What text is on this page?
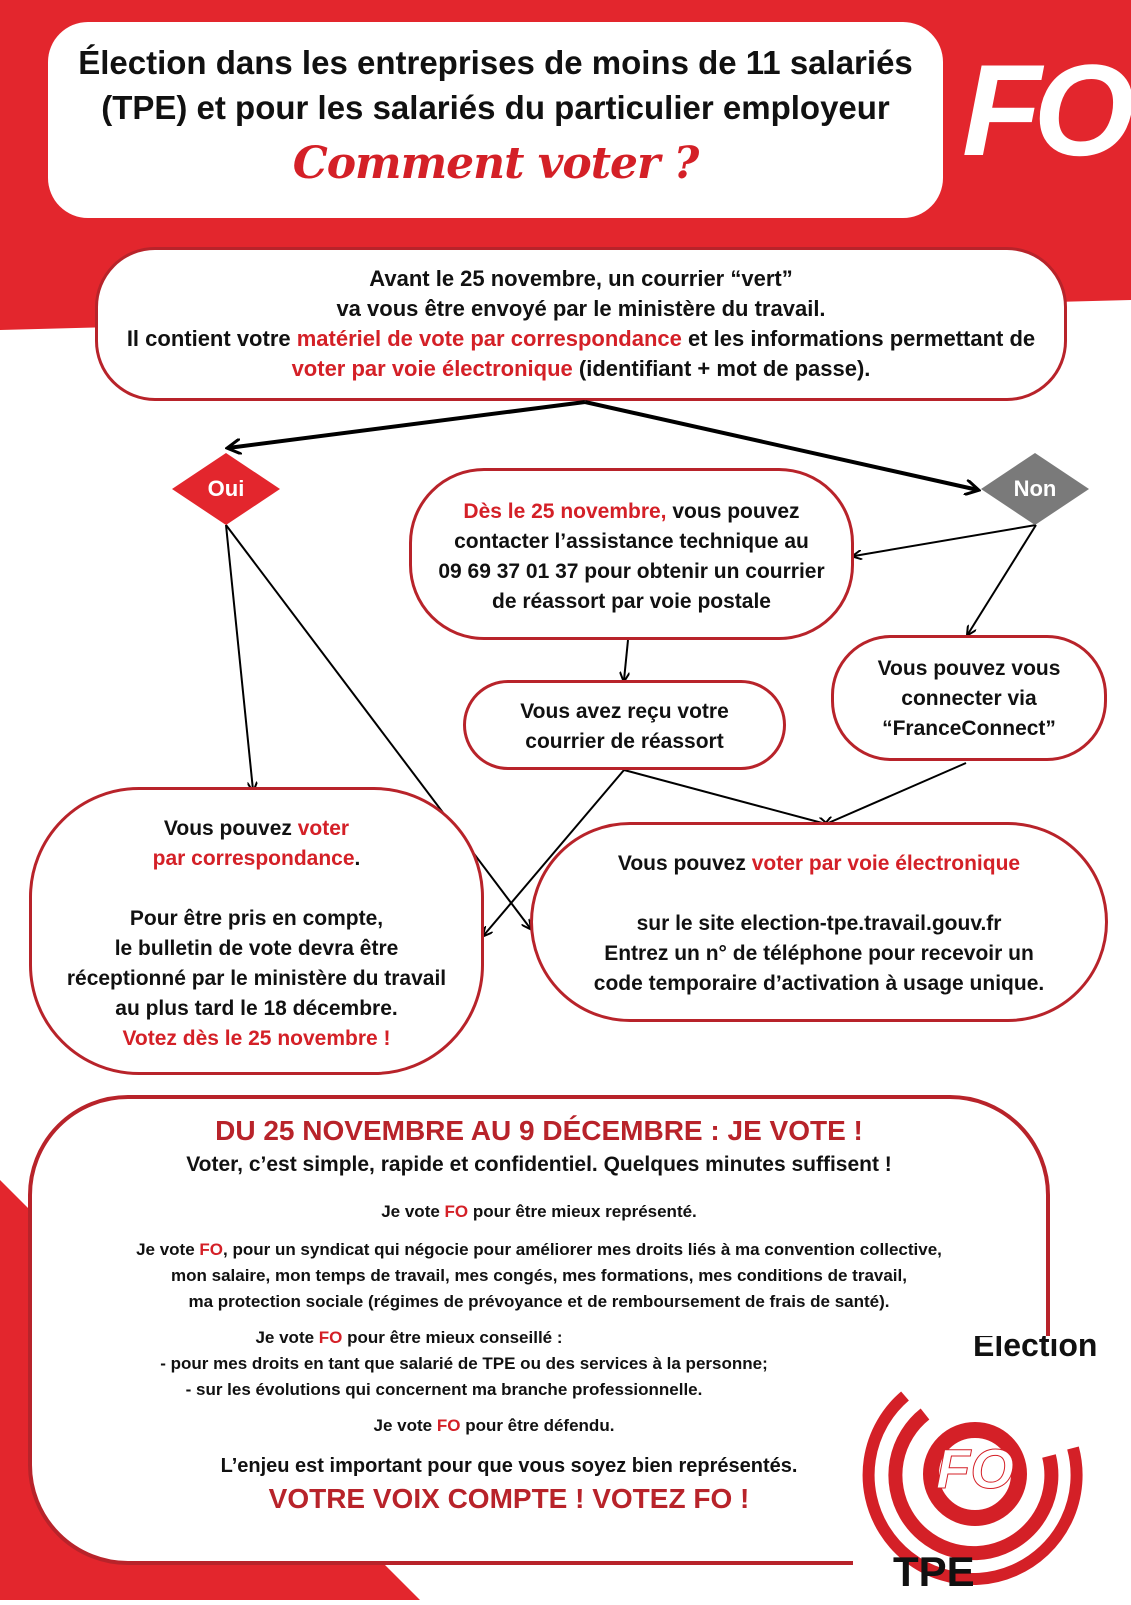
Élection dans les entreprises de moins de 11 salariés
(TPE) et pour les salariés du particulier employeur
Comment voter ?	FO
Avant le 25 novembre, un courrier “vert”
va vous être envoyé par le ministère du travail.
Il contient votre matériel de vote par correspondance et les informations permettant de
voter par voie électronique (identifiant + mot de passe).
Oui	Non
Dès le 25 novembre, vous pouvez
contacter l’assistance technique au
09 69 37 01 37 pour obtenir un courrier
de réassort par voie postale
Vous avez reçu votre
courrier de réassort
Vous pouvez vous
connecter via
“FranceConnect”
Vous pouvez voter
par correspondance.
Pour être pris en compte,
le bulletin de vote devra être
réceptionné par le ministère du travail
au plus tard le 18 décembre.
Votez dès le 25 novembre !
Vous pouvez voter par voie électronique
sur le site election-tpe.travail.gouv.fr
Entrez un n° de téléphone pour recevoir un
code temporaire d’activation à usage unique.
DU 25 NOVEMBRE AU 9 DÉCEMBRE : JE VOTE !
Voter, c’est simple, rapide et confidentiel. Quelques minutes suffisent !
Je vote FO pour être mieux représenté.
Je vote FO, pour un syndicat qui négocie pour améliorer mes droits liés à ma convention collective,
mon salaire, mon temps de travail, mes congés, mes formations, mes conditions de travail,
ma protection sociale (régimes de prévoyance et de remboursement de frais de santé).
Je vote FO pour être mieux conseillé :
- pour mes droits en tant que salarié de TPE ou des services à la personne;
- sur les évolutions qui concernent ma branche professionnelle.
Je vote FO pour être défendu.
L’enjeu est important pour que vous soyez bien représentés.
VOTRE VOIX COMPTE ! VOTEZ FO !	FO
Election
TPE
